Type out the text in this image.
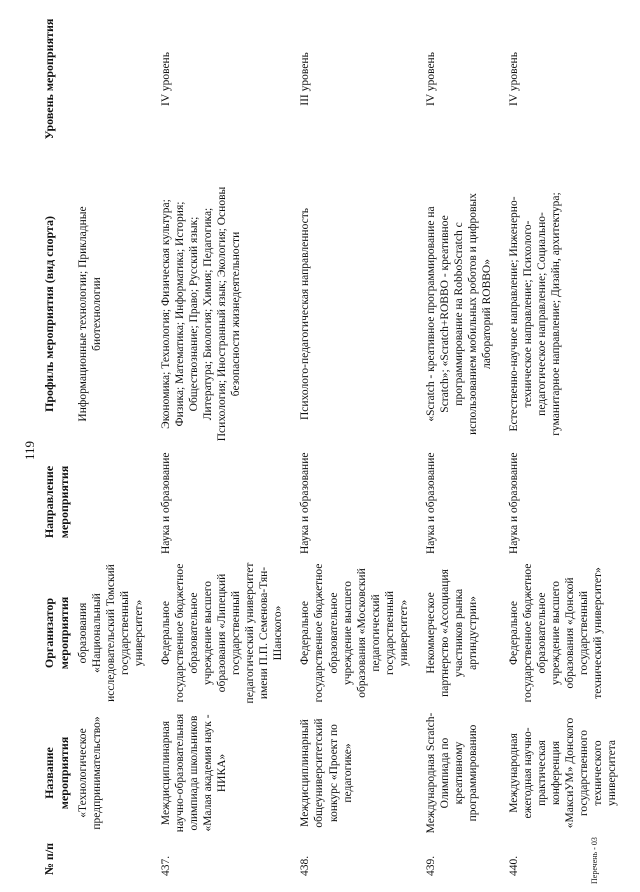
119
№ п/п	Название мероприятия	Организатор мероприятия	Направление мероприятия	Профиль мероприятия (вид спорта)	Уровень мероприятия
	«Технологическое предпринимательство»	образования «Национальный исследовательский Томский государственный университет»		Информационные технологии; Прикладные биотехнологии	
437.	Междисциплинарная научно-образовательная олимпиада школьников «Малая академия наук - НИКА»	Федеральное государственное бюджетное образовательное учреждение высшего образования «Липецкий государственный педагогический университет имени П.П. Семенова-Тян-Шанского»	Наука и образование	Экономика; Технология; Физическая культура; Физика; Математика; Информатика; История; Обществознание; Право; Русский язык; Литература; Биология; Химия; Педагогика; Психология; Иностранный язык; Экология; Основы безопасности жизнедеятельности	IV уровень
438.	Междисциплинарный общеуниверситетский конкурс «Проект по педагогике»	Федеральное государственное бюджетное образовательное учреждение высшего образования «Московский педагогический государственный университет»	Наука и образование	Психолого-педагогическая направленность	III уровень
439.	Международная Scratch-Олимпиада по креативному программированию	Некоммерческое партнерство «Ассоциация участников рынка артиндустрии»	Наука и образование	«Scratch - креативное программирование на Scratch»; «Scratch+ROBBO - креативное программирование на RobboScratch с использованием мобильных роботов и цифровых лабораторий ROBBO»	IV уровень
440.	Международная ежегодная научно-практическая конференция «МаксиУМ» Донского государственного технического университета	Федеральное государственное бюджетное образовательное учреждение высшего образования «Донской государственный технический университет»	Наука и образование	Естественно-научное направление; Инженерно-техническое направление; Психолого-педагогическое направление; Социально-гуманитарное направление; Дизайн, архитектура;	IV уровень
Перечень - 03
